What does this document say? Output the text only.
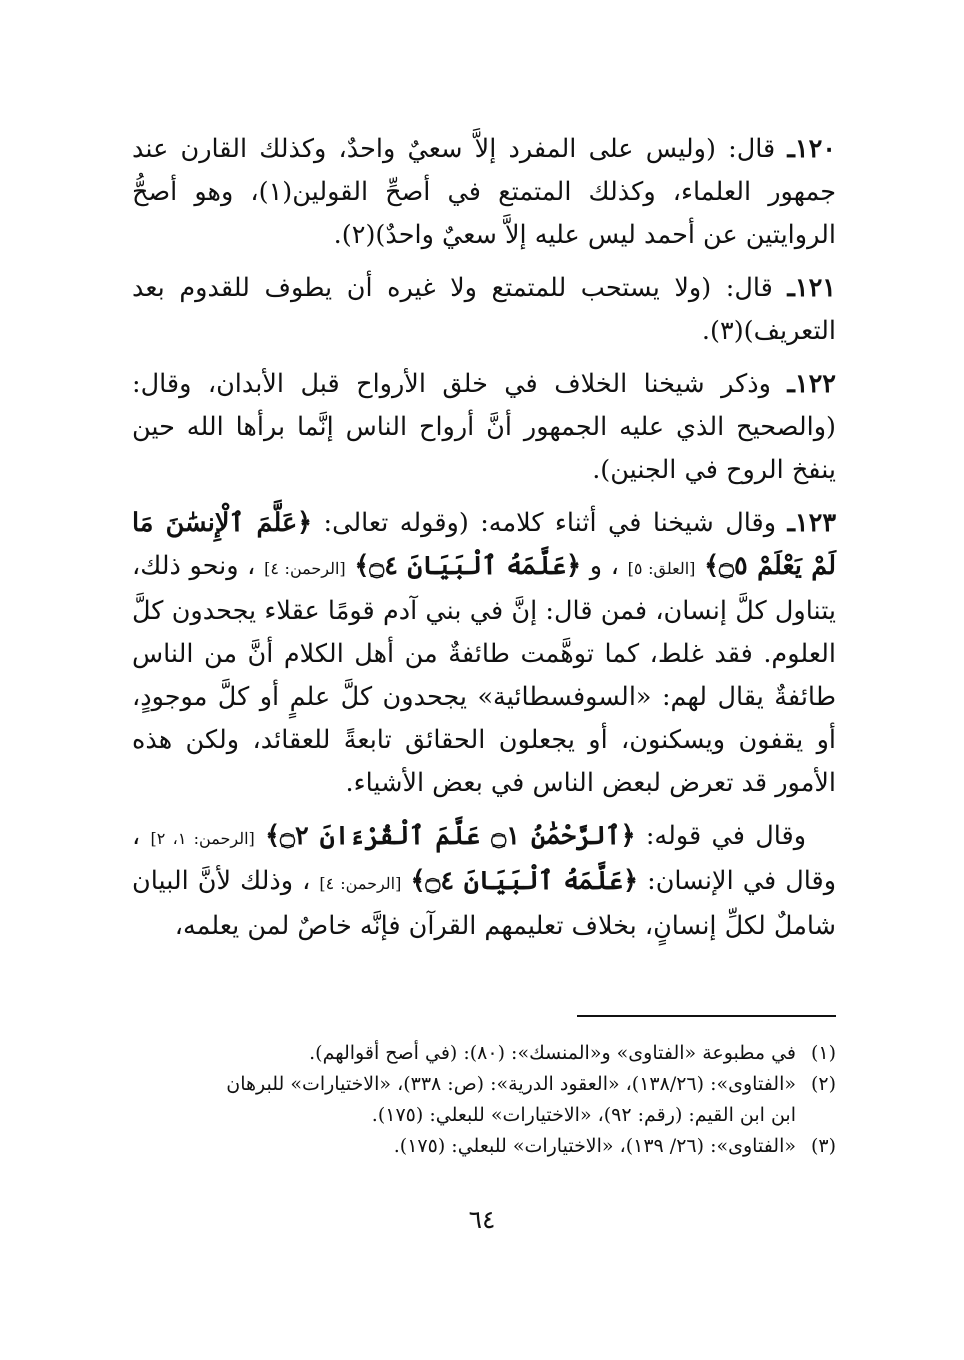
١٢٠ـ قال: (وليس على المفرد إلاَّ سعيٌ واحدٌ، وكذلك القارن عند جمهور العلماء، وكذلك المتمتع في أصحِّ القولين(١)، وهو أصحُّ الروايتين عن أحمد ليس عليه إلاَّ سعيٌ واحدٌ)(٢).

١٢١ـ قال: (ولا يستحب للمتمتع ولا غيره أن يطوف للقدوم بعد التعريف)(٣).

١٢٢ـ وذكر شيخنا الخلاف في خلق الأرواح قبل الأبدان، وقال: (والصحيح الذي عليه الجمهور أنَّ أرواح الناس إنَّما برأها الله حين ينفخ الروح في الجنين).

١٢٣ـ وقال شيخنا في أثناء كلامه: (وقوله تعالى: ﴿عَلَّمَ ٱلْإِنسَٰنَ مَا لَمْ يَعْلَمْ ۝٥﴾ [العلق: ٥] ، و ﴿عَلَّمَهُ ٱلْبَيَانَ ۝٤﴾ [الرحمن: ٤] ، ونحو ذلك، يتناول كلَّ إنسان، فمن قال: إنَّ في بني آدم قومًا عقلاء يجحدون كلَّ العلوم. فقد غلط، كما توهَّمت طائفةٌ من أهل الكلام أنَّ من الناس طائفةٌ يقال لهم: «السوفسطائية» يجحدون كلَّ علمٍ أو كلَّ موجودٍ، أو يقفون ويسكنون، أو يجعلون الحقائق تابعةً للعقائد، ولكن هذه الأمور قد تعرض لبعض الناس في بعض الأشياء.

وقال في قوله: ﴿ٱلرَّحْمَٰنُ ۝١ عَلَّمَ ٱلْقُرْءَانَ ۝٢﴾ [الرحمن: ١، ٢] ، وقال في الإنسان: ﴿عَلَّمَهُ ٱلْبَيَانَ ۝٤﴾ [الرحمن: ٤] ، وذلك لأنَّ البيان شاملٌ لكلِّ إنسانٍ، بخلاف تعليمهم القرآن فإنَّه خاصٌ لمن يعلمه،

(١)في مطبوعة «الفتاوى» و«المنسك»: (٨٠): (في أصح أقوالهم).

(٢)«الفتاوى»: (١٣٨/٢٦)، «العقود الدرية»: (ص: ٣٣٨)، «الاختيارات» للبرهان

ابن ابن القيم: (رقم: ٩٢)، «الاختيارات» للبعلي: (١٧٥).

(٣)«الفتاوى»: (٢٦/ ١٣٩)، «الاختيارات» للبعلي: (١٧٥).

٦٤
